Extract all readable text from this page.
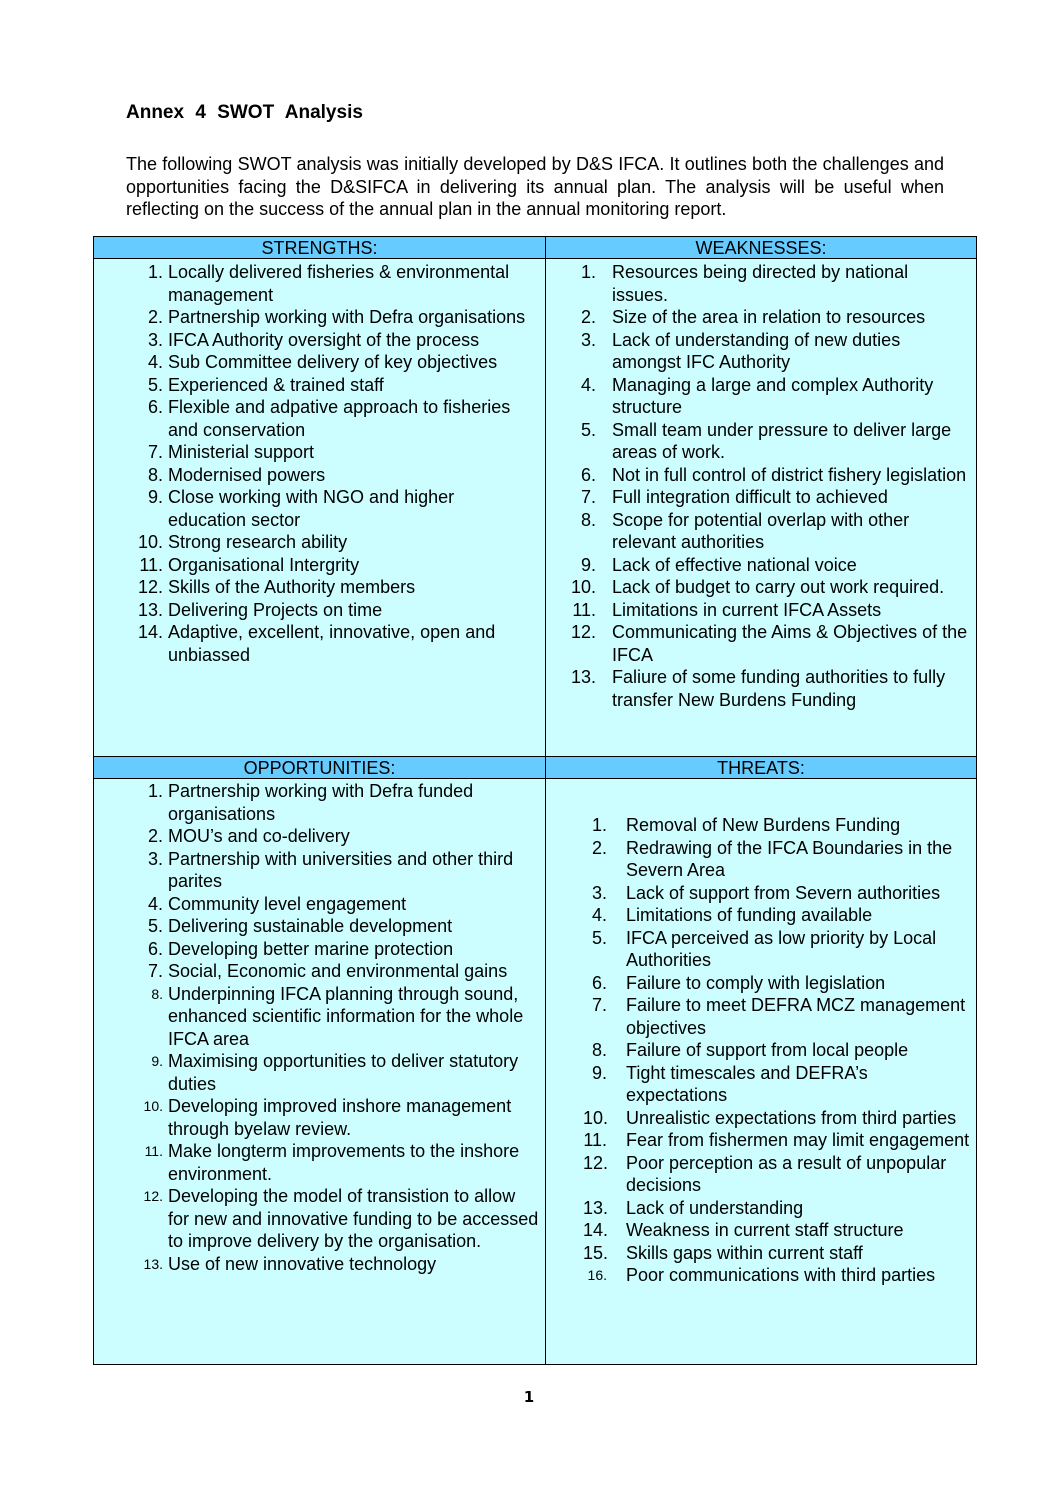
Annex 4 SWOT Analysis

The following SWOT analysis was initially developed by D&S IFCA. It outlines both the challenges and opportunities facing the D&SIFCA in delivering its annual plan. The analysis will be useful when reflecting on the success of the annual plan in the annual monitoring report.

STRENGTHS:	WEAKNESSES:
1. Locally delivered fisheries & environmental management
2. Partnership working with Defra organisations
3. IFCA Authority oversight of the process
4. Sub Committee delivery of key objectives
5. Experienced & trained staff
6. Flexible and adpative approach to fisheries and conservation
7. Ministerial support
8. Modernised powers
9. Close working with NGO and higher education sector
10. Strong research ability
11. Organisational Intergrity
12. Skills of the Authority members
13. Delivering Projects on time
14. Adaptive, excellent, innovative, open and unbiassed
1. Resources being directed by national issues.
2. Size of the area in relation to resources
3. Lack of understanding of new duties amongst IFC Authority
4. Managing a large and complex Authority structure
5. Small team under pressure to deliver large areas of work.
6. Not in full control of district fishery legislation
7. Full integration difficult to achieved
8. Scope for potential overlap with other relevant authorities
9. Lack of effective national voice
10. Lack of budget to carry out work required.
11. Limitations in current IFCA Assets
12. Communicating the Aims & Objectives of the IFCA
13. Faliure of some funding authorities to fully transfer New Burdens Funding
OPPORTUNITIES:	THREATS:
1. Partnership working with Defra funded organisations
2. MOU’s and co-delivery
3. Partnership with universities and other third parites
4. Community level engagement
5. Delivering sustainable development
6. Developing better marine protection
7. Social, Economic and environmental gains
8. Underpinning IFCA planning through sound, enhanced scientific information for the whole IFCA area
9. Maximising opportunities to deliver statutory duties
10. Developing improved inshore management through byelaw review.
11. Make longterm improvements to the inshore environment.
12. Developing the model of transistion to allow for new and innovative funding to be accessed to improve delivery by the organisation.
13. Use of new innovative technology
1. Removal of New Burdens Funding
2. Redrawing of the IFCA Boundaries in the Severn Area
3. Lack of support from Severn authorities
4. Limitations of funding available
5. IFCA perceived as low priority by Local Authorities
6. Failure to comply with legislation
7. Failure to meet DEFRA MCZ management objectives
8. Failure of support from local people
9. Tight timescales and DEFRA’s expectations
10. Unrealistic expectations from third parties
11. Fear from fishermen may limit engagement
12. Poor perception as a result of unpopular decisions
13. Lack of understanding
14. Weakness in current staff structure
15. Skills gaps within current staff
16. Poor communications with third parties
1
